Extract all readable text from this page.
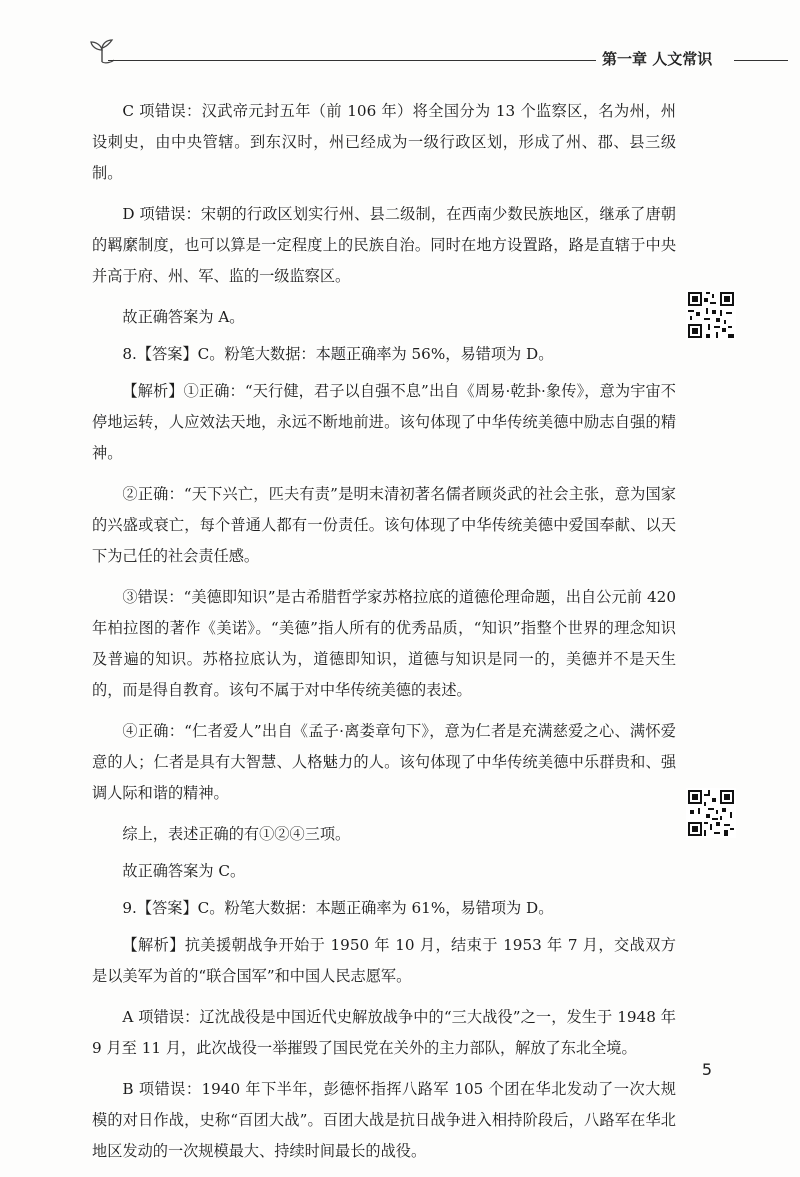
第一章 人文常识

C 项错误：汉武帝元封五年（前 106 年）将全国分为 13 个监察区，名为州，州设刺史，由中央管辖。到东汉时，州已经成为一级行政区划，形成了州、郡、县三级制。

D 项错误：宋朝的行政区划实行州、县二级制，在西南少数民族地区，继承了唐朝的羁縻制度，也可以算是一定程度上的民族自治。同时在地方设置路，路是直辖于中央并高于府、州、军、监的一级监察区。

故正确答案为 A。

8.【答案】C。粉笔大数据：本题正确率为 56%，易错项为 D。

【解析】①正确：“天行健，君子以自强不息”出自《周易·乾卦·象传》，意为宇宙不停地运转，人应效法天地，永远不断地前进。该句体现了中华传统美德中励志自强的精神。

②正确：“天下兴亡，匹夫有责”是明末清初著名儒者顾炎武的社会主张，意为国家的兴盛或衰亡，每个普通人都有一份责任。该句体现了中华传统美德中爱国奉献、以天下为己任的社会责任感。

③错误：“美德即知识”是古希腊哲学家苏格拉底的道德伦理命题，出自公元前 420 年柏拉图的著作《美诺》。“美德”指人所有的优秀品质，“知识”指整个世界的理念知识及普遍的知识。苏格拉底认为，道德即知识，道德与知识是同一的，美德并不是天生的，而是得自教育。该句不属于对中华传统美德的表述。

④正确：“仁者爱人”出自《孟子·离娄章句下》，意为仁者是充满慈爱之心、满怀爱意的人；仁者是具有大智慧、人格魅力的人。该句体现了中华传统美德中乐群贵和、强调人际和谐的精神。

综上，表述正确的有①②④三项。

故正确答案为 C。

9.【答案】C。粉笔大数据：本题正确率为 61%，易错项为 D。

【解析】抗美援朝战争开始于 1950 年 10 月，结束于 1953 年 7 月，交战双方是以美军为首的“联合国军”和中国人民志愿军。

A 项错误：辽沈战役是中国近代史解放战争中的“三大战役”之一，发生于 1948 年 9 月至 11 月，此次战役一举摧毁了国民党在关外的主力部队，解放了东北全境。

B 项错误：1940 年下半年，彭德怀指挥八路军 105 个团在华北发动了一次大规模的对日作战，史称“百团大战”。百团大战是抗日战争进入相持阶段后，八路军在华北地区发动的一次规模最大、持续时间最长的战役。

5
